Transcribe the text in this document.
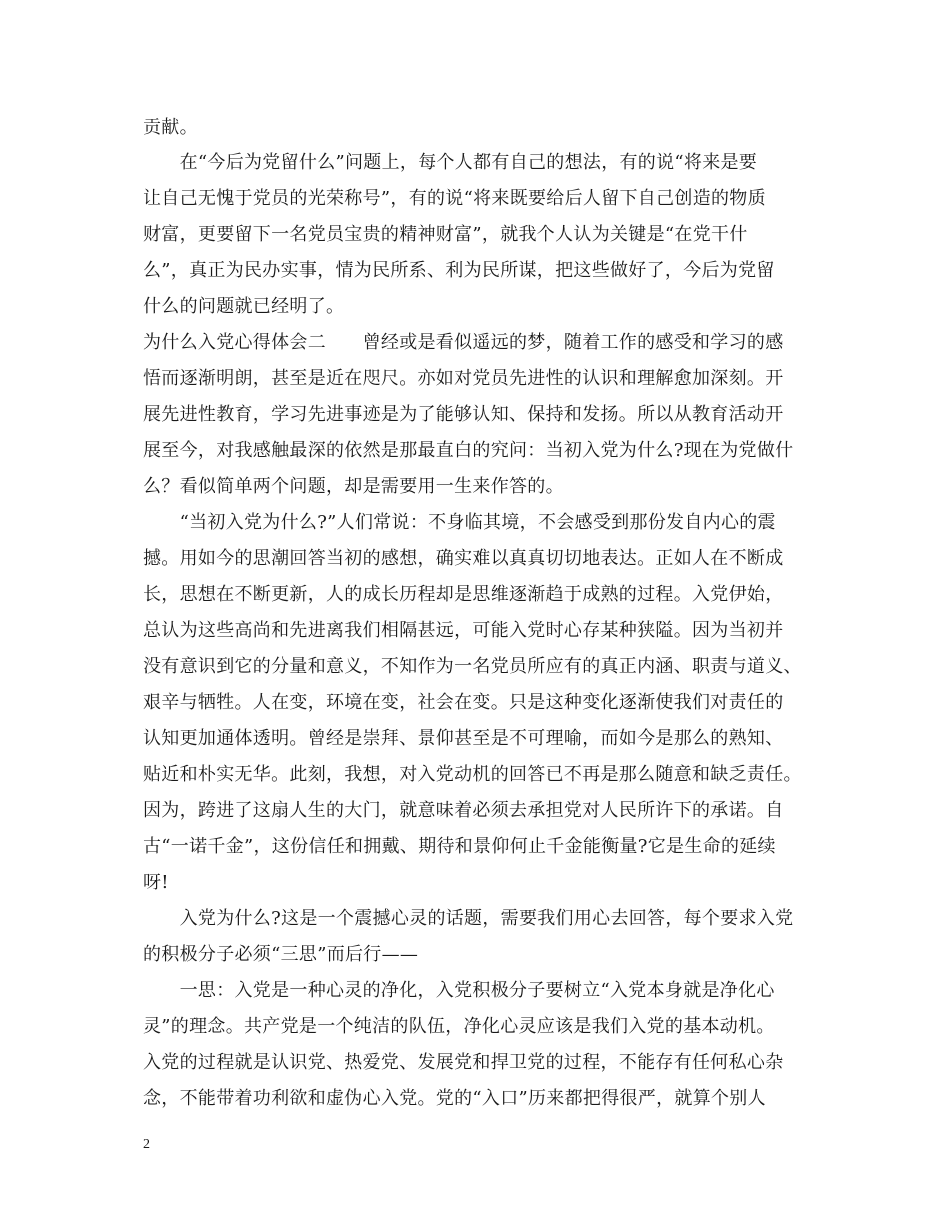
贡献。
　　在“今后为党留什么”问题上，每个人都有自己的想法，有的说“将来是要
让自己无愧于党员的光荣称号”，有的说“将来既要给后人留下自己创造的物质
财富，更要留下一名党员宝贵的精神财富”，就我个人认为关键是“在党干什
么”，真正为民办实事，情为民所系、利为民所谋，把这些做好了，今后为党留
什么的问题就已经明了。
为什么入党心得体会二　　曾经或是看似遥远的梦，随着工作的感受和学习的感
悟而逐渐明朗，甚至是近在咫尺。亦如对党员先进性的认识和理解愈加深刻。开
展先进性教育，学习先进事迹是为了能够认知、保持和发扬。所以从教育活动开
展至今，对我感触最深的依然是那最直白的究问：当初入党为什么?现在为党做什
么？看似简单两个问题，却是需要用一生来作答的。
　　“当初入党为什么?”人们常说：不身临其境，不会感受到那份发自内心的震
撼。用如今的思潮回答当初的感想，确实难以真真切切地表达。正如人在不断成
长，思想在不断更新，人的成长历程却是思维逐渐趋于成熟的过程。入党伊始，
总认为这些高尚和先进离我们相隔甚远，可能入党时心存某种狭隘。因为当初并
没有意识到它的分量和意义，不知作为一名党员所应有的真正内涵、职责与道义、
艰辛与牺牲。人在变，环境在变，社会在变。只是这种变化逐渐使我们对责任的
认知更加通体透明。曾经是崇拜、景仰甚至是不可理喻，而如今是那么的熟知、
贴近和朴实无华。此刻，我想，对入党动机的回答已不再是那么随意和缺乏责任。
因为，跨进了这扇人生的大门，就意味着必须去承担党对人民所许下的承诺。自
古“一诺千金”，这份信任和拥戴、期待和景仰何止千金能衡量?它是生命的延续
呀!
　　入党为什么?这是一个震撼心灵的话题，需要我们用心去回答，每个要求入党
的积极分子必须“三思”而后行——
　　一思：入党是一种心灵的净化，入党积极分子要树立“入党本身就是净化心
灵”的理念。共产党是一个纯洁的队伍，净化心灵应该是我们入党的基本动机。
入党的过程就是认识党、热爱党、发展党和捍卫党的过程，不能存有任何私心杂
念，不能带着功利欲和虚伪心入党。党的“入口”历来都把得很严，就算个别人
2
